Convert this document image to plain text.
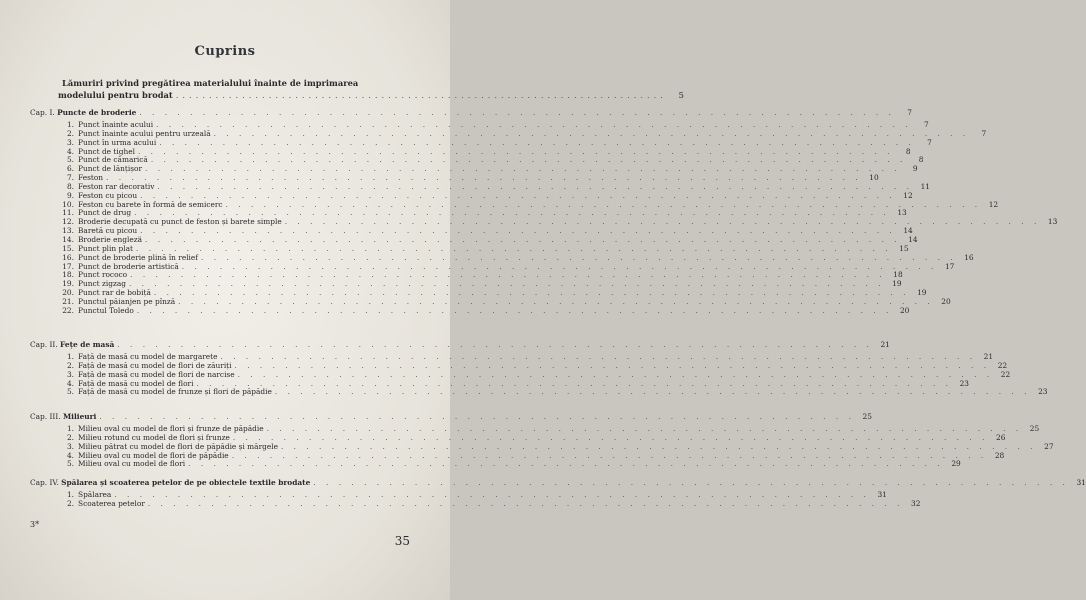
Cuprins
Lămuriri privind pregătirea materialului înainte de imprimarea
modelului pentru brodat ..........................................................................	5
Cap. I. Puncte de broderie . . . . . . . . . . . . . . . . . . . . . . . . . . . . . . . . . . . . . . . . . . . . . . . . . . . . . . . . . . . .	7
1. Punct înainte acului . . . . . . . . . . . . . . . . . . . . . . . . . . . . . . . . . . . . . . . . . . . . . . . . . . . . . . . . . . . .	7
2. Punct înainte acului pentru urzeală . . . . . . . . . . . . . . . . . . . . . . . . . . . . . . . . . . . . . . . . . . . . . . . . . . . . . . . . . . . .	7
3. Punct în urma acului . . . . . . . . . . . . . . . . . . . . . . . . . . . . . . . . . . . . . . . . . . . . . . . . . . . . . . . . . . . .	7
4. Punct de tighel . . . . . . . . . . . . . . . . . . . . . . . . . . . . . . . . . . . . . . . . . . . . . . . . . . . . . . . . . . . .	8
5. Punct de cămarică . . . . . . . . . . . . . . . . . . . . . . . . . . . . . . . . . . . . . . . . . . . . . . . . . . . . . . . . . . . .	8
6. Punct de lănțișor . . . . . . . . . . . . . . . . . . . . . . . . . . . . . . . . . . . . . . . . . . . . . . . . . . . . . . . . . . . .	9
7. Feston . . . . . . . . . . . . . . . . . . . . . . . . . . . . . . . . . . . . . . . . . . . . . . . . . . . . . . . . . . . .	10
8. Feston rar decorativ . . . . . . . . . . . . . . . . . . . . . . . . . . . . . . . . . . . . . . . . . . . . . . . . . . . . . . . . . . . .	11
9. Feston cu picou . . . . . . . . . . . . . . . . . . . . . . . . . . . . . . . . . . . . . . . . . . . . . . . . . . . . . . . . . . . .	12
10. Feston cu barete în formă de semicerc . . . . . . . . . . . . . . . . . . . . . . . . . . . . . . . . . . . . . . . . . . . . . . . . . . . . . . . . . . . .	12
11. Punct de drug . . . . . . . . . . . . . . . . . . . . . . . . . . . . . . . . . . . . . . . . . . . . . . . . . . . . . . . . . . . .	13
12. Broderie decupată cu punct de feston și barete simple . . . . . . . . . . . . . . . . . . . . . . . . . . . . . . . . . . . . . . . . . . . . . . . . . . . . . . . . . . . .	13
13. Baretă cu picou . . . . . . . . . . . . . . . . . . . . . . . . . . . . . . . . . . . . . . . . . . . . . . . . . . . . . . . . . . . .	14
14. Broderie englezä . . . . . . . . . . . . . . . . . . . . . . . . . . . . . . . . . . . . . . . . . . . . . . . . . . . . . . . . . . . .	14
15. Punct plin plat . . . . . . . . . . . . . . . . . . . . . . . . . . . . . . . . . . . . . . . . . . . . . . . . . . . . . . . . . . . .	15
16. Punct de broderie plină în relief . . . . . . . . . . . . . . . . . . . . . . . . . . . . . . . . . . . . . . . . . . . . . . . . . . . . . . . . . . . .	16
17. Punct de broderie artistică . . . . . . . . . . . . . . . . . . . . . . . . . . . . . . . . . . . . . . . . . . . . . . . . . . . . . . . . . . . .	17
18. Punct rococo . . . . . . . . . . . . . . . . . . . . . . . . . . . . . . . . . . . . . . . . . . . . . . . . . . . . . . . . . . . .	18
19. Punct zigzag . . . . . . . . . . . . . . . . . . . . . . . . . . . . . . . . . . . . . . . . . . . . . . . . . . . . . . . . . . . .	19
20. Punct rar de bobiță . . . . . . . . . . . . . . . . . . . . . . . . . . . . . . . . . . . . . . . . . . . . . . . . . . . . . . . . . . . .	19
21. Punctul păianjen pe pînză . . . . . . . . . . . . . . . . . . . . . . . . . . . . . . . . . . . . . . . . . . . . . . . . . . . . . . . . . . . .	20
22. Punctul Toledo . . . . . . . . . . . . . . . . . . . . . . . . . . . . . . . . . . . . . . . . . . . . . . . . . . . . . . . . . . . .	20
Cap. II. Fețe de masă . . . . . . . . . . . . . . . . . . . . . . . . . . . . . . . . . . . . . . . . . . . . . . . . . . . . . . . . . . . .	21
1. Față de masă cu model de margarete . . . . . . . . . . . . . . . . . . . . . . . . . . . . . . . . . . . . . . . . . . . . . . . . . . . . . . . . . . . .	21
2. Față de masă cu model de flori de zăuriți . . . . . . . . . . . . . . . . . . . . . . . . . . . . . . . . . . . . . . . . . . . . . . . . . . . . . . . . . . . .	22
3. Față de masă cu model de flori de narcise . . . . . . . . . . . . . . . . . . . . . . . . . . . . . . . . . . . . . . . . . . . . . . . . . . . . . . . . . . . .	22
4. Față de masă cu model de flori . . . . . . . . . . . . . . . . . . . . . . . . . . . . . . . . . . . . . . . . . . . . . . . . . . . . . . . . . . . .	23
5. Față de masă cu model de frunze și flori de păpădie . . . . . . . . . . . . . . . . . . . . . . . . . . . . . . . . . . . . . . . . . . . . . . . . . . . . . . . . . . . .	23
Cap. III. Milieuri . . . . . . . . . . . . . . . . . . . . . . . . . . . . . . . . . . . . . . . . . . . . . . . . . . . . . . . . . . . .	25
1. Milieu oval cu model de flori și frunze de păpădie . . . . . . . . . . . . . . . . . . . . . . . . . . . . . . . . . . . . . . . . . . . . . . . . . . . . . . . . . . . .	25
2. Milieu rotund cu model de flori și frunze . . . . . . . . . . . . . . . . . . . . . . . . . . . . . . . . . . . . . . . . . . . . . . . . . . . . . . . . . . . .	26
3. Milieu pătrat cu model de flori de păpădie și mărgele . . . . . . . . . . . . . . . . . . . . . . . . . . . . . . . . . . . . . . . . . . . . . . . . . . . . . . . . . . . .	27
4. Milieu oval cu model de flori de păpădie . . . . . . . . . . . . . . . . . . . . . . . . . . . . . . . . . . . . . . . . . . . . . . . . . . . . . . . . . . . .	28
5. Milieu oval cu model de flori . . . . . . . . . . . . . . . . . . . . . . . . . . . . . . . . . . . . . . . . . . . . . . . . . . . . . . . . . . . .	29
Cap. IV. Spălarea și scoaterea petelor de pe obiectele textile brodate . . . . . . . . . . . . . . . . . . . . . . . . . . . . . . . . . . . . . . . . . . . . . . . . . . . . . . . . . . . .	31
1. Spălarea . . . . . . . . . . . . . . . . . . . . . . . . . . . . . . . . . . . . . . . . . . . . . . . . . . . . . . . . . . . .	31
2. Scoaterea petelor . . . . . . . . . . . . . . . . . . . . . . . . . . . . . . . . . . . . . . . . . . . . . . . . . . . . . . . . . . . .	32
3*
35
